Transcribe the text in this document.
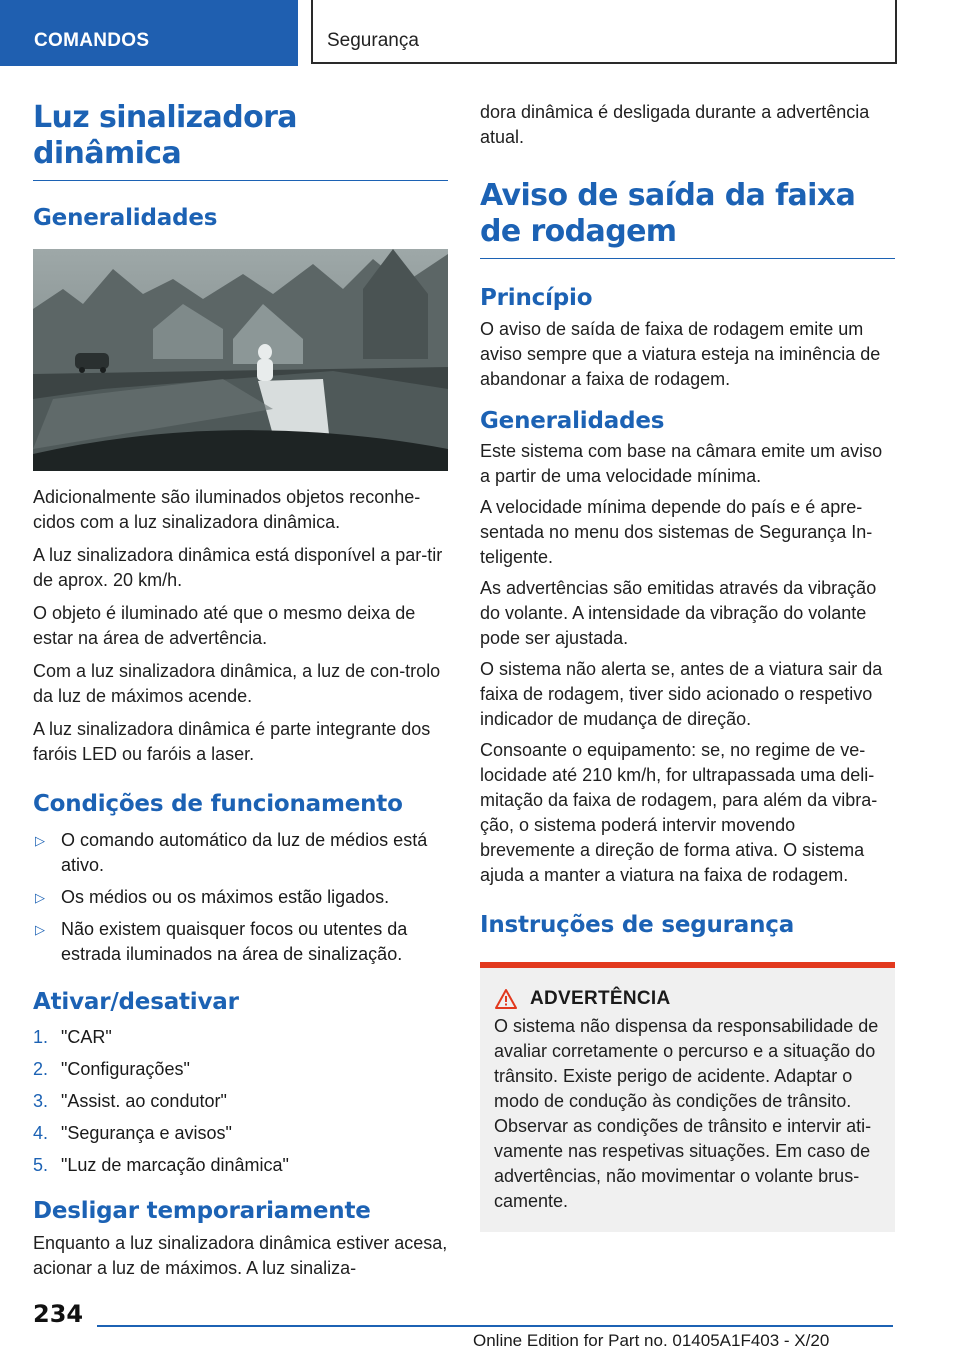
COMANDOS	Segurança
Luz sinalizadora dinâmica
Generalidades

Adicionalmente são iluminados objetos reconhe-cidos com a luz sinalizadora dinâmica.

A luz sinalizadora dinâmica está disponível a par-tir de aprox. 20 km/h.

O objeto é iluminado até que o mesmo deixa de estar na área de advertência.

Com a luz sinalizadora dinâmica, a luz de con-trolo da luz de máximos acende.

A luz sinalizadora dinâmica é parte integrante dos faróis LED ou faróis a laser.

Condições de funcionamento
▷ O comando automático da luz de médios está ativo.
▷ Os médios ou os máximos estão ligados.
▷ Não existem quaisquer focos ou utentes da estrada iluminados na área de sinalização.
Ativar/desativar
1. "CAR"
2. "Configurações"
3. "Assist. ao condutor"
4. "Segurança e avisos"
5. "Luz de marcação dinâmica"
Desligar temporariamente

Enquanto a luz sinalizadora dinâmica estiver acesa, acionar a luz de máximos. A luz sinaliza-

dora dinâmica é desligada durante a advertência atual.

Aviso de saída da faixa de rodagem
Princípio

O aviso de saída de faixa de rodagem emite um aviso sempre que a viatura esteja na iminência de abandonar a faixa de rodagem.

Generalidades

Este sistema com base na câmara emite um aviso a partir de uma velocidade mínima.

A velocidade mínima depende do país e é apre-sentada no menu dos sistemas de Segurança In-teligente.

As advertências são emitidas através da vibração do volante. A intensidade da vibração do volante pode ser ajustada.

O sistema não alerta se, antes de a viatura sair da faixa de rodagem, tiver sido acionado o respetivo indicador de mudança de direção.

Consoante o equipamento: se, no regime de ve-locidade até 210 km/h, for ultrapassada uma deli-mitação da faixa de rodagem, para além da vibra-ção, o sistema poderá intervir movendo brevemente a direção de forma ativa. O sistema ajuda a manter a viatura na faixa de rodagem.

Instruções de segurança
ADVERTÊNCIA

O sistema não dispensa da responsabilidade de avaliar corretamente o percurso e a situação do trânsito. Existe perigo de acidente. Adaptar o modo de condução às condições de trânsito. Observar as condições de trânsito e intervir ati-vamente nas respetivas situações. Em caso de advertências, não movimentar o volante brus-camente.

234
Online Edition for Part no. 01405A1F403 - X/20
